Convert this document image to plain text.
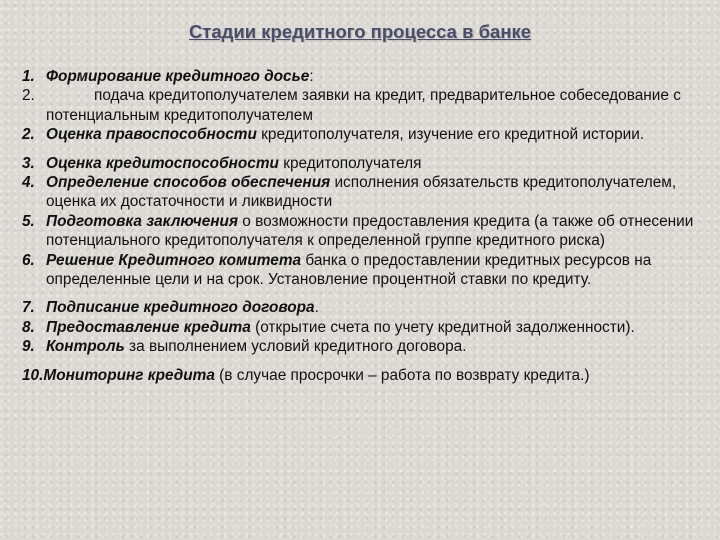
Стадии кредитного процесса в банке
1. Формирование кредитного досье:
2.	подача кредитополучателем заявки на кредит, предварительное собеседование с потенциальным кредитополучателем
2. Оценка правоспособности кредитополучателя, изучение его кредитной истории.
3. Оценка кредитоспособности кредитополучателя
4. Определение способов обеспечения исполнения обязательств кредитополучателем, оценка их достаточности и ликвидности
5. Подготовка заключения о возможности предоставления кредита (а также об отнесении потенциального кредитополучателя к определенной группе кредитного риска)
6. Решение Кредитного комитета банка о предоставлении кредитных ресурсов на определенные цели и на срок. Установление процентной ставки по кредиту.
7. Подписание кредитного договора.
8. Предоставление кредита (открытие счета по учету кредитной задолженности).
9. Контроль за выполнением условий кредитного договора.
10. Мониторинг кредита (в случае просрочки – работа по возврату кредита.)
